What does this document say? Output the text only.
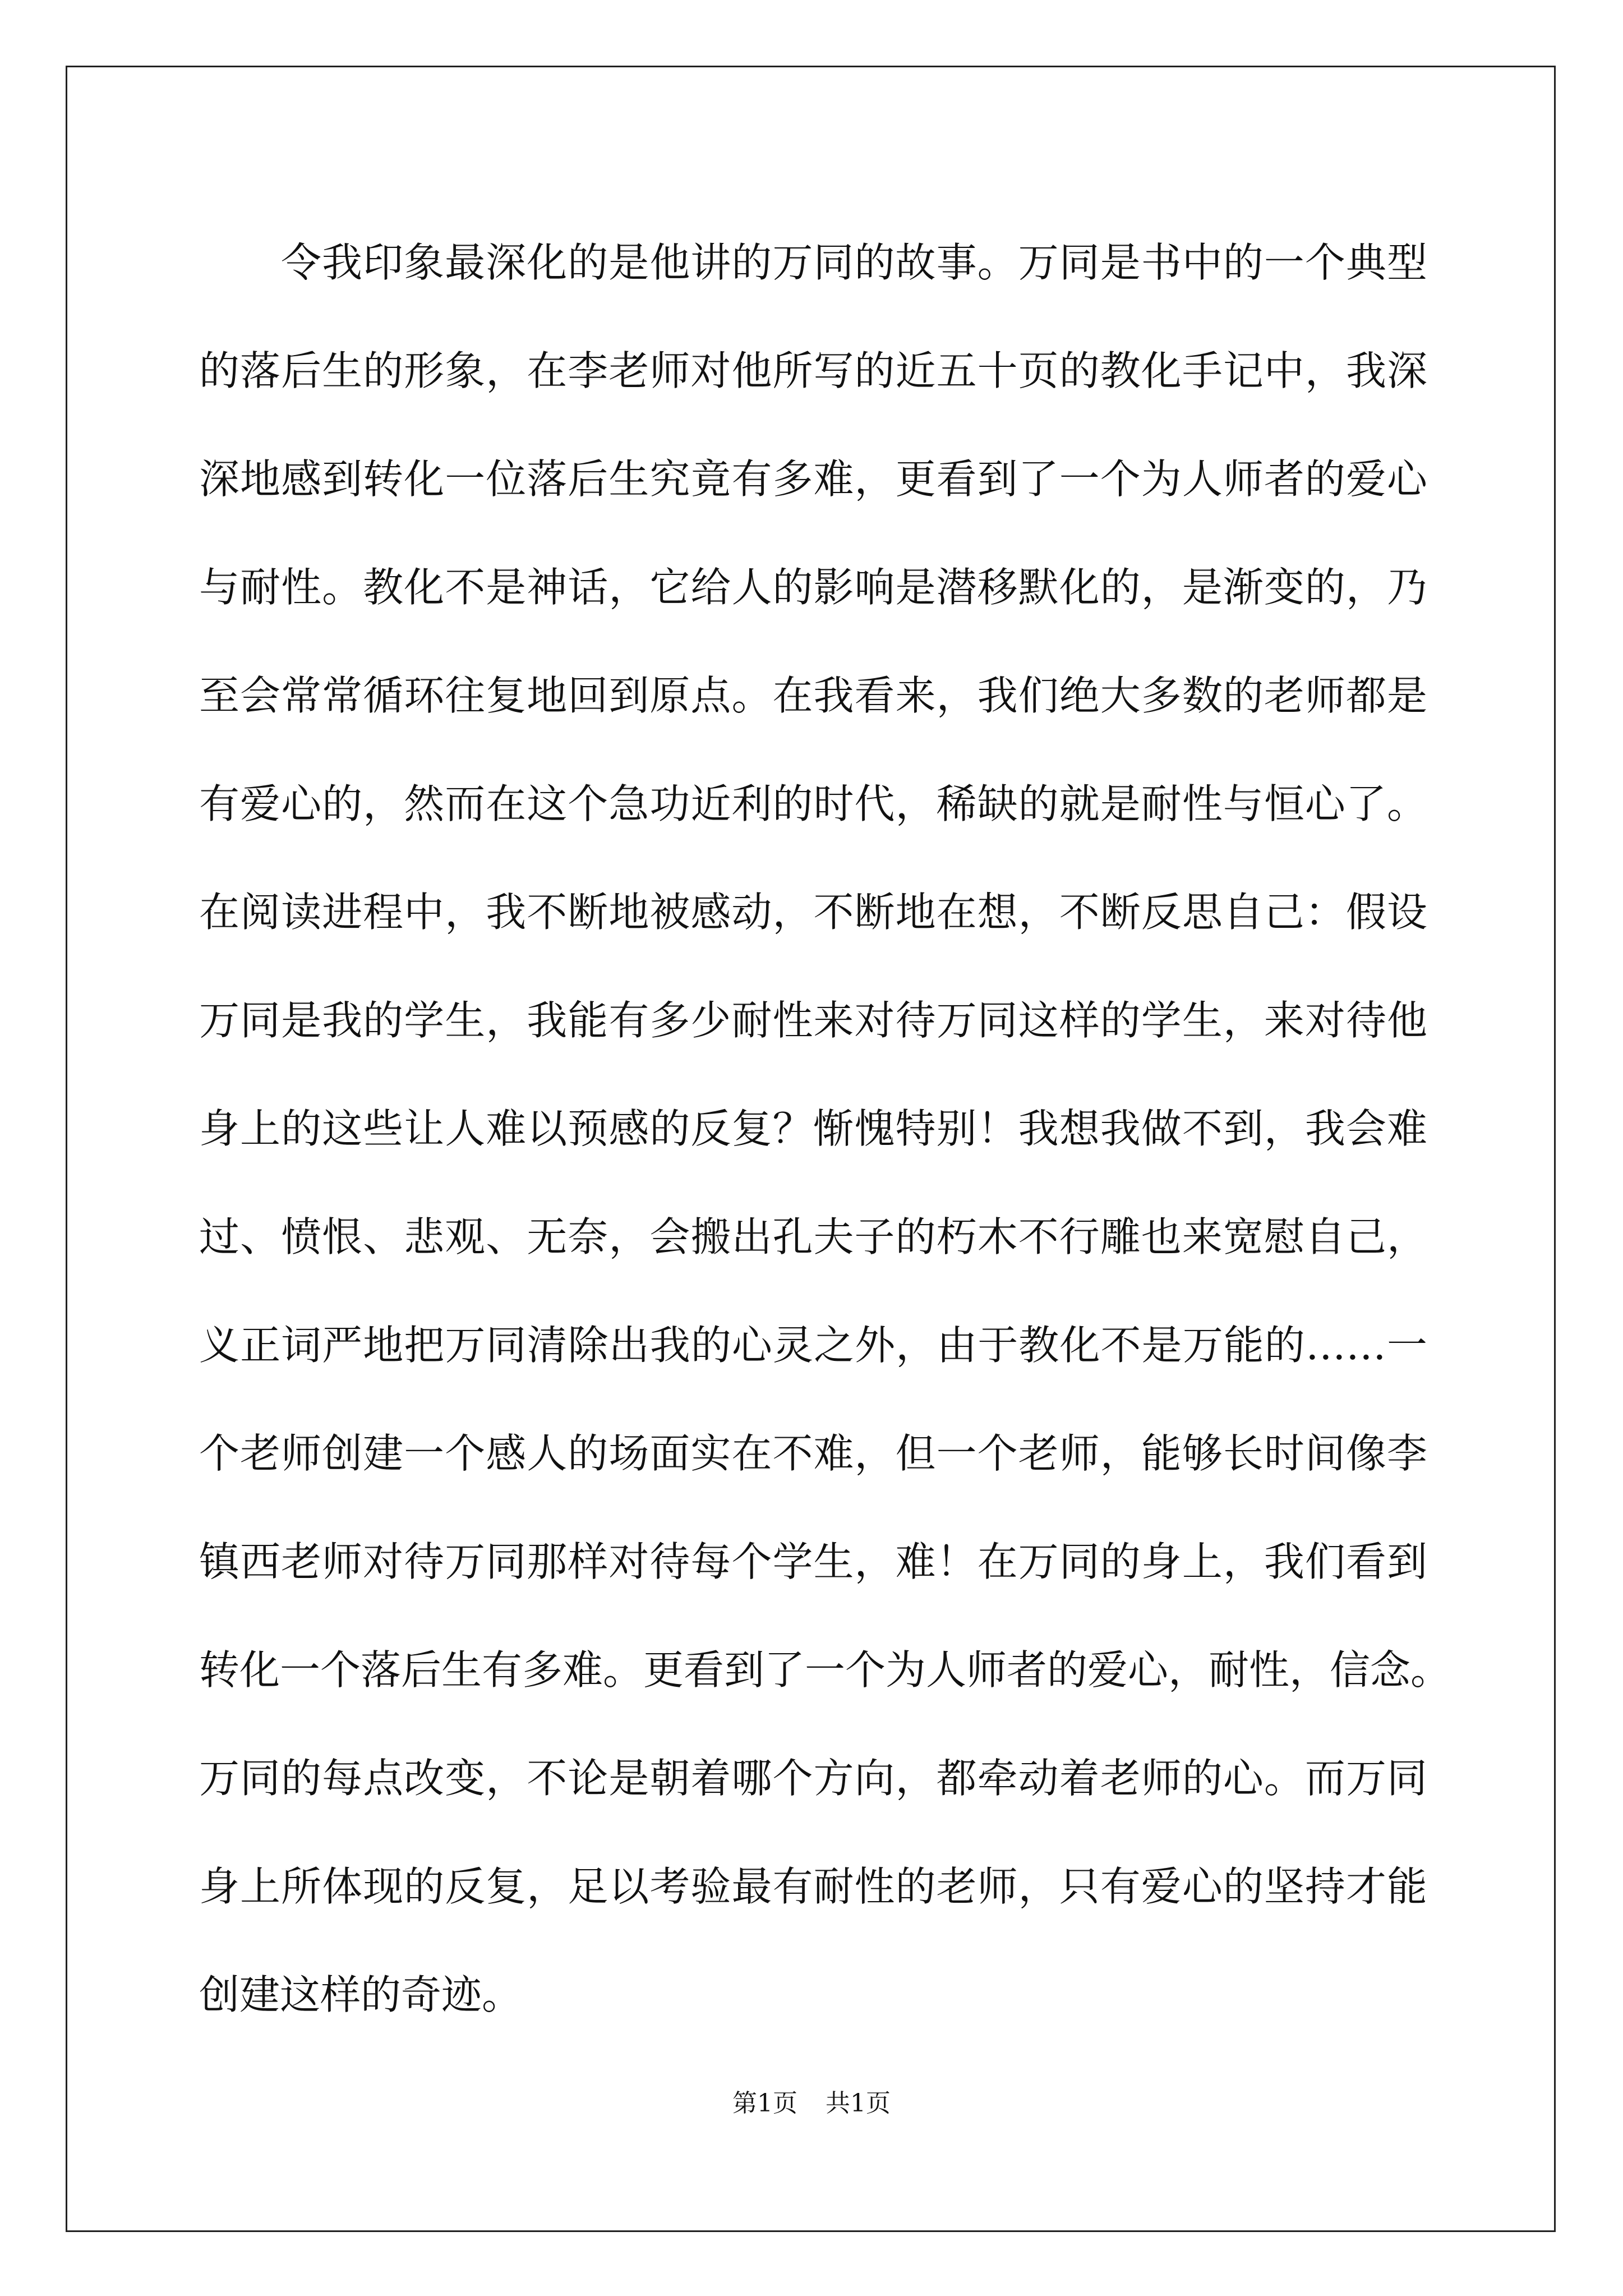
令我印象最深化的是他讲的万同的故事。万同是书中的一个典型
的落后生的形象，在李老师对他所写的近五十页的教化手记中，我深
深地感到转化一位落后生究竟有多难，更看到了一个为人师者的爱心
与耐性。教化不是神话，它给人的影响是潜移默化的，是渐变的，乃
至会常常循环往复地回到原点。在我看来，我们绝大多数的老师都是
有爱心的，然而在这个急功近利的时代，稀缺的就是耐性与恒心了。
在阅读进程中，我不断地被感动，不断地在想，不断反思自己：假设
万同是我的学生，我能有多少耐性来对待万同这样的学生，来对待他
身上的这些让人难以预感的反复？惭愧特别！我想我做不到，我会难
过、愤恨、悲观、无奈，会搬出孔夫子的朽木不行雕也来宽慰自己，
义正词严地把万同清除出我的心灵之外，由于教化不是万能的……一
个老师创建一个感人的场面实在不难，但一个老师，能够长时间像李
镇西老师对待万同那样对待每个学生，难！在万同的身上，我们看到
转化一个落后生有多难。更看到了一个为人师者的爱心，耐性，信念。
万同的每点改变，不论是朝着哪个方向，都牵动着老师的心。而万同
身上所体现的反复，足以考验最有耐性的老师，只有爱心的坚持才能
创建这样的奇迹。
第1页 共1页
